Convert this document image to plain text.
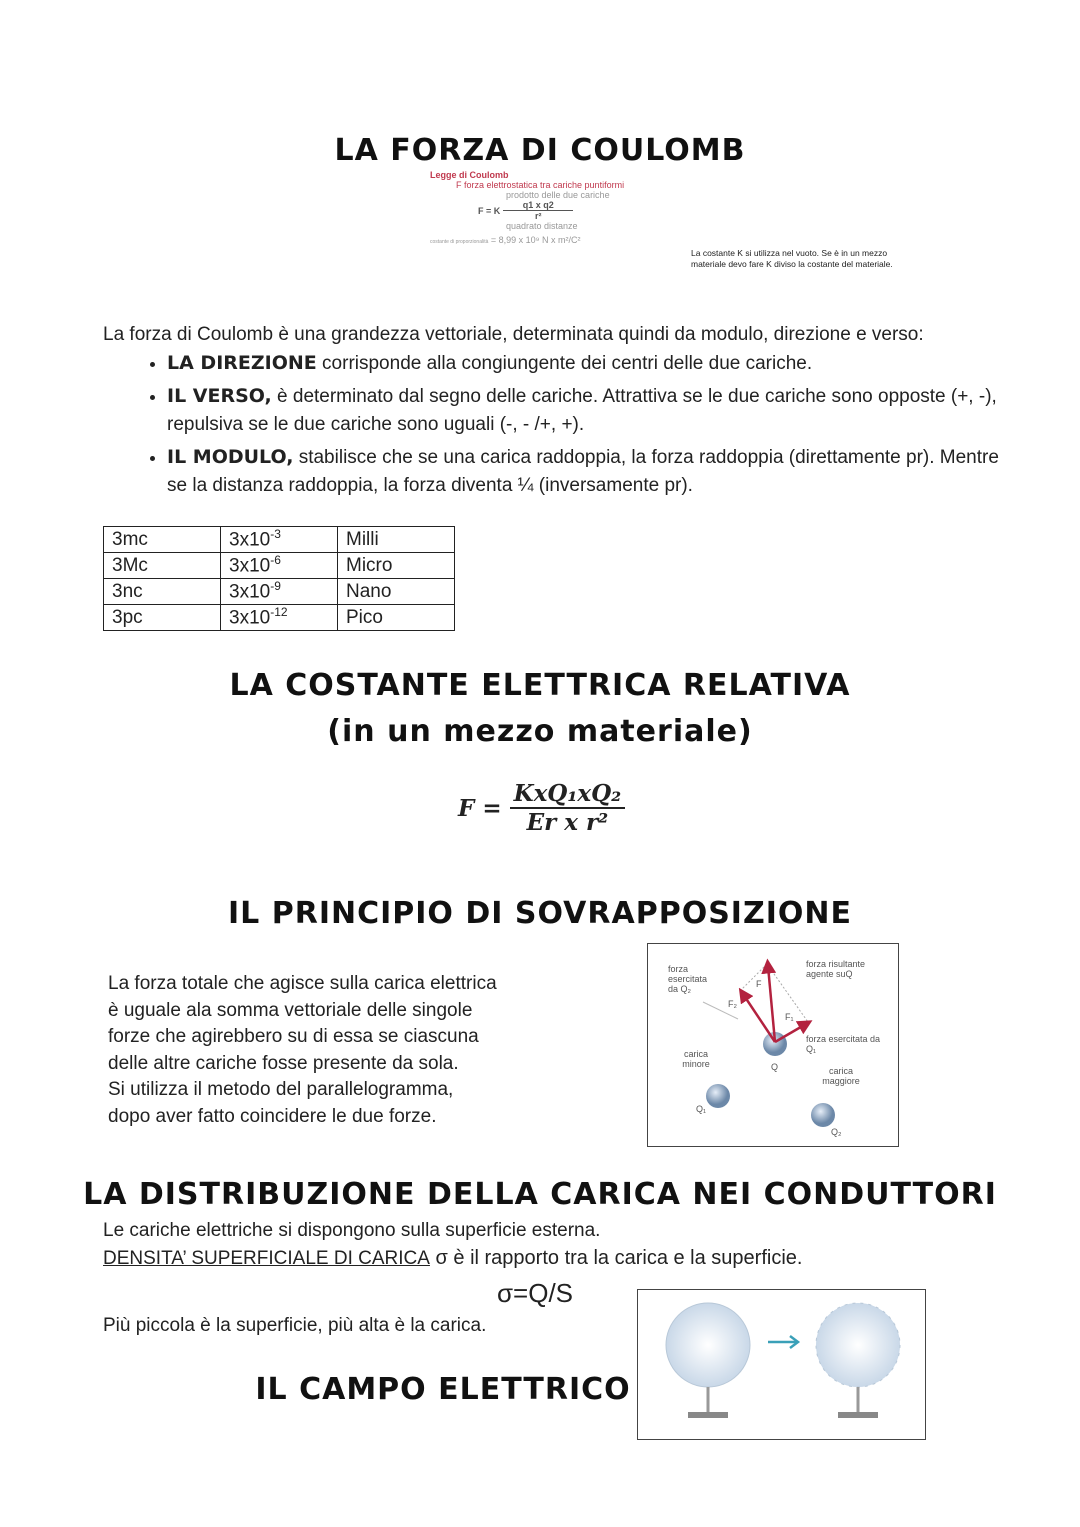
LA FORZA DI COULOMB
Legge di Coulomb
F forza elettrostatica tra cariche puntiformi
prodotto delle due cariche
F = K $\frac{\text{q1 x q2}}{\text{r²}}$
quadrato distanze
costante di proporzionalità = 8,99 x 10⁹ N x m²/C²
La costante K si utilizza nel vuoto. Se è in un mezzo materiale devo fare K diviso la costante del materiale.
La forza di Coulomb è una grandezza vettoriale, determinata quindi da modulo, direzione e verso:
• LA DIREZIONE corrisponde alla congiungente dei centri delle due cariche.
• IL VERSO, è determinato dal segno delle cariche. Attrattiva se le due cariche sono opposte (+, -), repulsiva se le due cariche sono uguali (-, - /+, +).
• IL MODULO, stabilisce che se una carica raddoppia, la forza raddoppia (direttamente pr). Mentre se la distanza raddoppia, la forza diventa ¼ (inversamente pr).
3mc	$3x10^{-3}$	Milli
3Mc	$3x10^{-6}$	Micro
3nc	$3x10^{-9}$	Nano
3pc	$3x10^{-12}$	Pico
LA COSTANTE ELETTRICA RELATIVA
(in un mezzo materiale)
$F = \frac{\text{KxQ₁xQ₂}}{\text{Er x r²}}$
IL PRINCIPIO DI SOVRAPPOSIZIONE
La forza totale che agisce sulla carica elettrica
è uguale ala somma vettoriale delle singole
forze che agirebbero su di essa se ciascuna
delle altre cariche fosse presente da sola.
Si utilizza il metodo del parallelogramma,
dopo aver fatto coincidere le due forze.
forza esercitata da Q₂
forza risultante agente suQ
forza esercitata da Q₁
carica minore
carica maggiore
Q
Q₁
Q₂
F
F₂
F₁
LA DISTRIBUZIONE DELLA CARICA NEI CONDUTTORI
Le cariche elettriche si dispongono sulla superficie esterna.
DENSITA’ SUPERFICIALE DI CARICA σ è il rapporto tra la carica e la superficie.
σ=Q/S
Più piccola è la superficie, più alta è la carica.
IL CAMPO ELETTRICO
